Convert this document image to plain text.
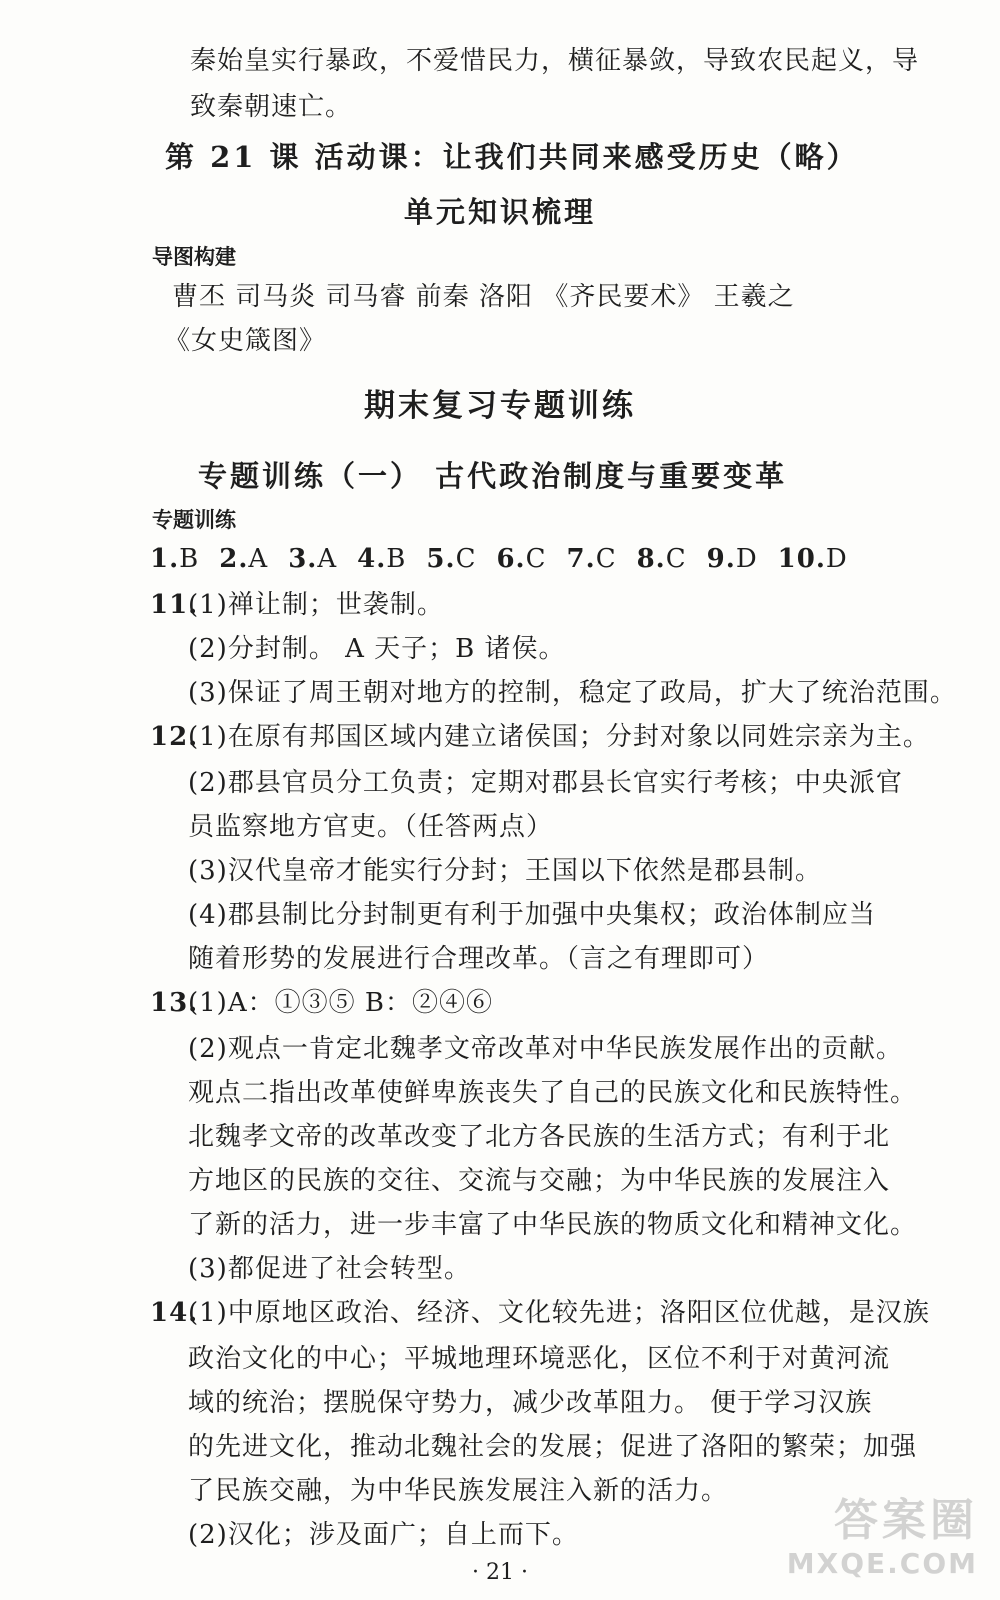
秦始皇实行暴政，不爱惜民力，横征暴敛，导致农民起义，导
致秦朝速亡。
第 21 课 活动课：让我们共同来感受历史（略）
单元知识梳理
导图构建
曹丕 司马炎 司马睿 前秦 洛阳 《齐民要术》 王羲之
《女史箴图》
期末复习专题训练
专题训练（一） 古代政治制度与重要变革
专题训练
1.B 2.A 3.A 4.B 5.C 6.C 7.C 8.C 9.D 10.D
11.
(1)禅让制；世袭制。
(2)分封制。 A 天子；B 诸侯。
(3)保证了周王朝对地方的控制，稳定了政局，扩大了统治范围。
12.
(1)在原有邦国区域内建立诸侯国；分封对象以同姓宗亲为主。
(2)郡县官员分工负责；定期对郡县长官实行考核；中央派官
员监察地方官吏。（任答两点）
(3)汉代皇帝才能实行分封；王国以下依然是郡县制。
(4)郡县制比分封制更有利于加强中央集权；政治体制应当
随着形势的发展进行合理改革。（言之有理即可）
13.
(1)A：①③⑤ B：②④⑥
(2)观点一肯定北魏孝文帝改革对中华民族发展作出的贡献。
观点二指出改革使鲜卑族丧失了自己的民族文化和民族特性。
北魏孝文帝的改革改变了北方各民族的生活方式；有利于北
方地区的民族的交往、交流与交融；为中华民族的发展注入
了新的活力，进一步丰富了中华民族的物质文化和精神文化。
(3)都促进了社会转型。
14.
(1)中原地区政治、经济、文化较先进；洛阳区位优越，是汉族
政治文化的中心；平城地理环境恶化，区位不利于对黄河流
域的统治；摆脱保守势力，减少改革阻力。 便于学习汉族
的先进文化，推动北魏社会的发展；促进了洛阳的繁荣；加强
了民族交融，为中华民族发展注入新的活力。
(2)汉化；涉及面广；自上而下。
· 21 ·
答案圈
MXQE.COM
